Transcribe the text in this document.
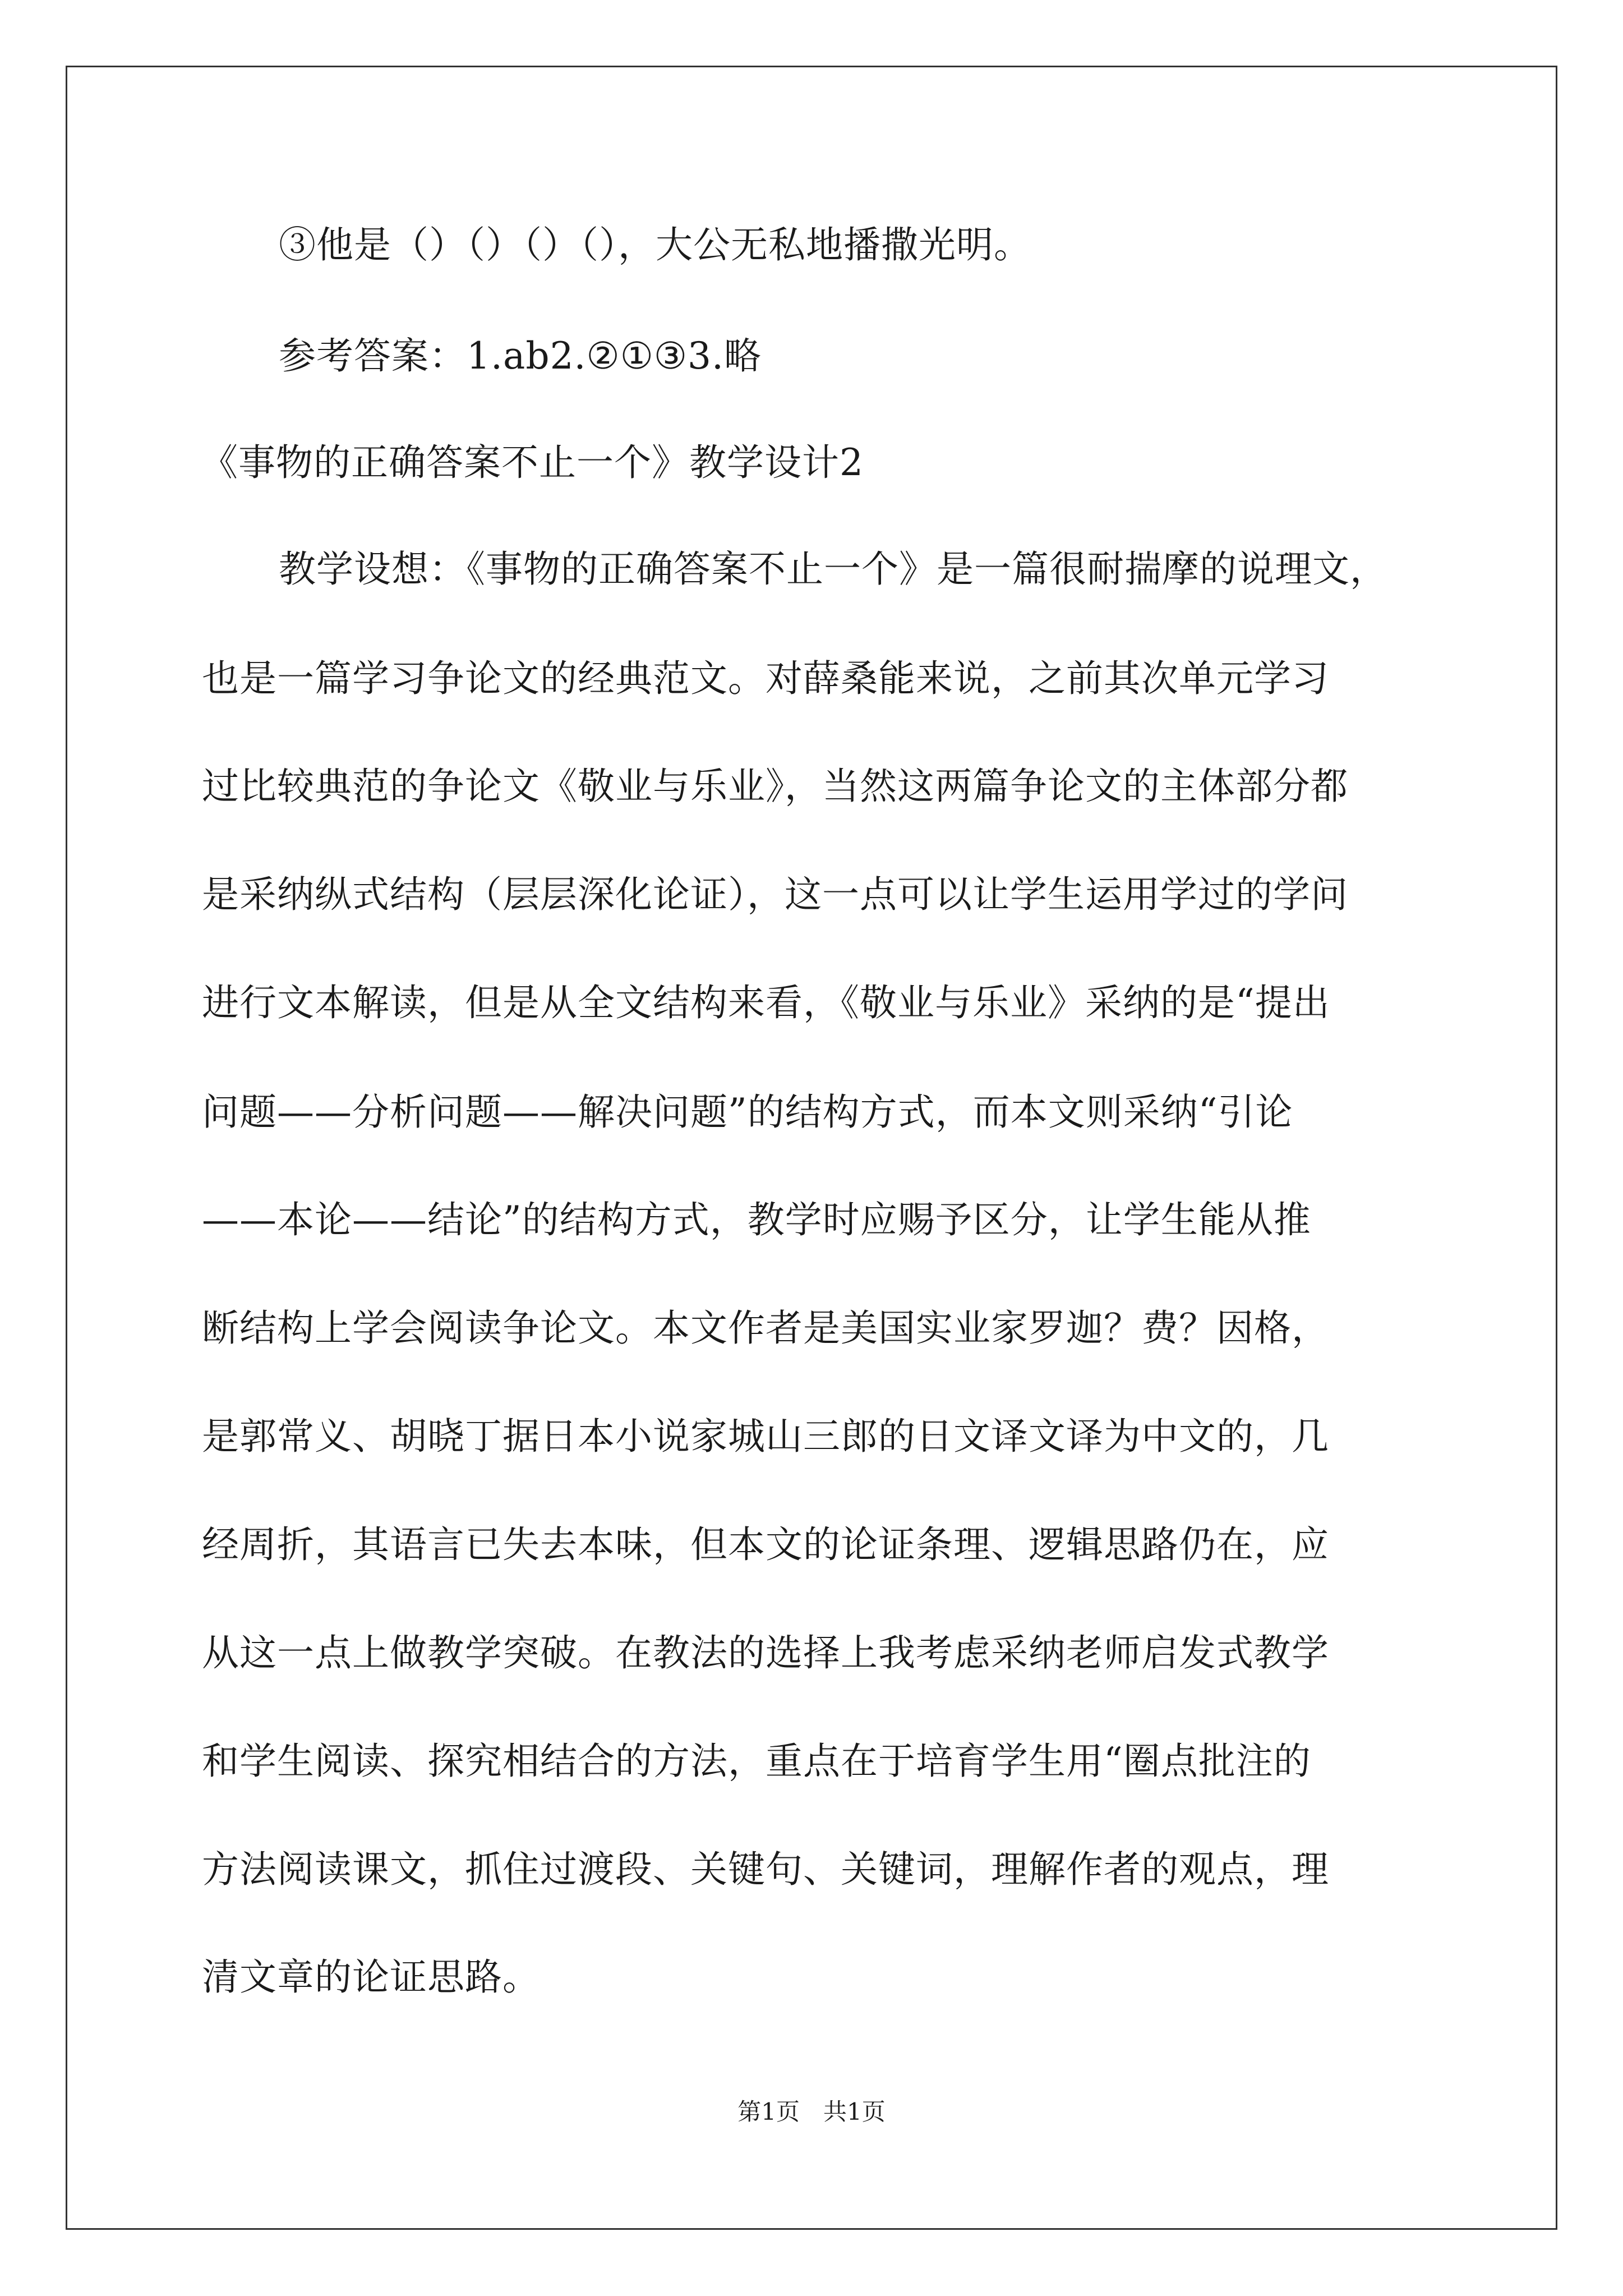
③他是（）（）（）（），大公无私地播撒光明。
参考答案：1.ab2.②①③3.略
《事物的正确答案不止一个》教学设计2
教学设想：《事物的正确答案不止一个》是一篇很耐揣摩的说理文，
也是一篇学习争论文的经典范文。对薛桑能来说，之前其次单元学习
过比较典范的争论文《敬业与乐业》，当然这两篇争论文的主体部分都
是采纳纵式结构（层层深化论证），这一点可以让学生运用学过的学问
进行文本解读，但是从全文结构来看，《敬业与乐业》采纳的是“提出
问题——分析问题——解决问题”的结构方式，而本文则采纳“引论
——本论——结论”的结构方式，教学时应赐予区分，让学生能从推
断结构上学会阅读争论文。本文作者是美国实业家罗迦？费？因格，
是郭常义、胡晓丁据日本小说家城山三郎的日文译文译为中文的，几
经周折，其语言已失去本味，但本文的论证条理、逻辑思路仍在，应
从这一点上做教学突破。在教法的选择上我考虑采纳老师启发式教学
和学生阅读、探究相结合的方法，重点在于培育学生用“圈点批注的
方法阅读课文，抓住过渡段、关键句、关键词，理解作者的观点，理
清文章的论证思路。
第1页　共1页
